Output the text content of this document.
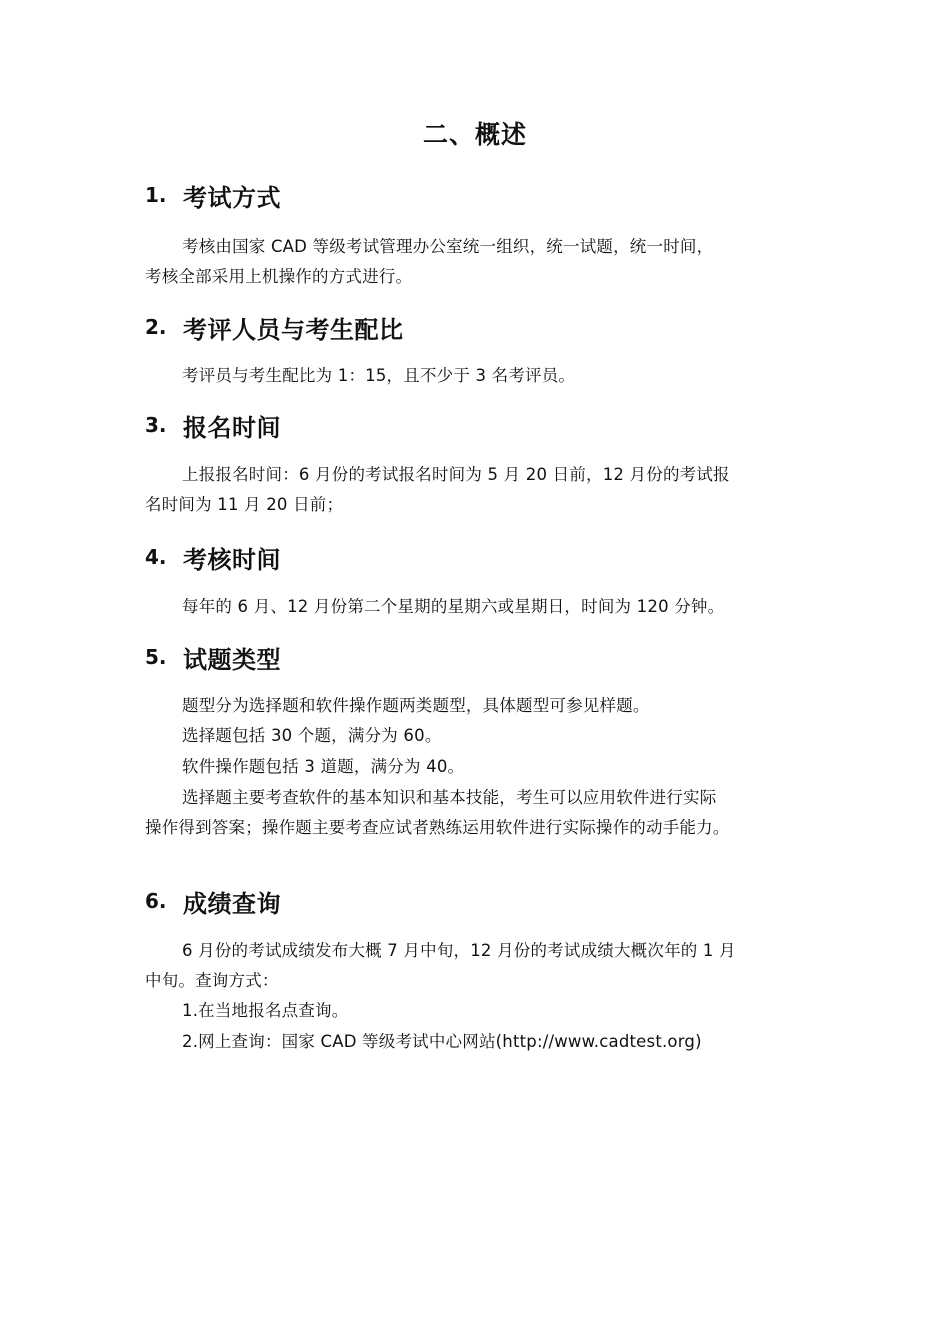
二、概述
1. 考试方式
考核由国家 CAD 等级考试管理办公室统一组织，统一试题，统一时间，
考核全部采用上机操作的方式进行。
2. 考评人员与考生配比
考评员与考生配比为 1：15，且不少于 3 名考评员。
3. 报名时间
上报报名时间：6 月份的考试报名时间为 5 月 20 日前，12 月份的考试报
名时间为 11 月 20 日前；
4. 考核时间
每年的 6 月、12 月份第二个星期的星期六或星期日，时间为 120 分钟。
5. 试题类型
题型分为选择题和软件操作题两类题型，具体题型可参见样题。
选择题包括 30 个题，满分为 60。
软件操作题包括 3 道题，满分为 40。
选择题主要考查软件的基本知识和基本技能，考生可以应用软件进行实际
操作得到答案；操作题主要考查应试者熟练运用软件进行实际操作的动手能力。
6. 成绩查询
6 月份的考试成绩发布大概 7 月中旬，12 月份的考试成绩大概次年的 1 月
中旬。查询方式：
1.在当地报名点查询。
2.网上查询：国家 CAD 等级考试中心网站(http://www.cadtest.org)
